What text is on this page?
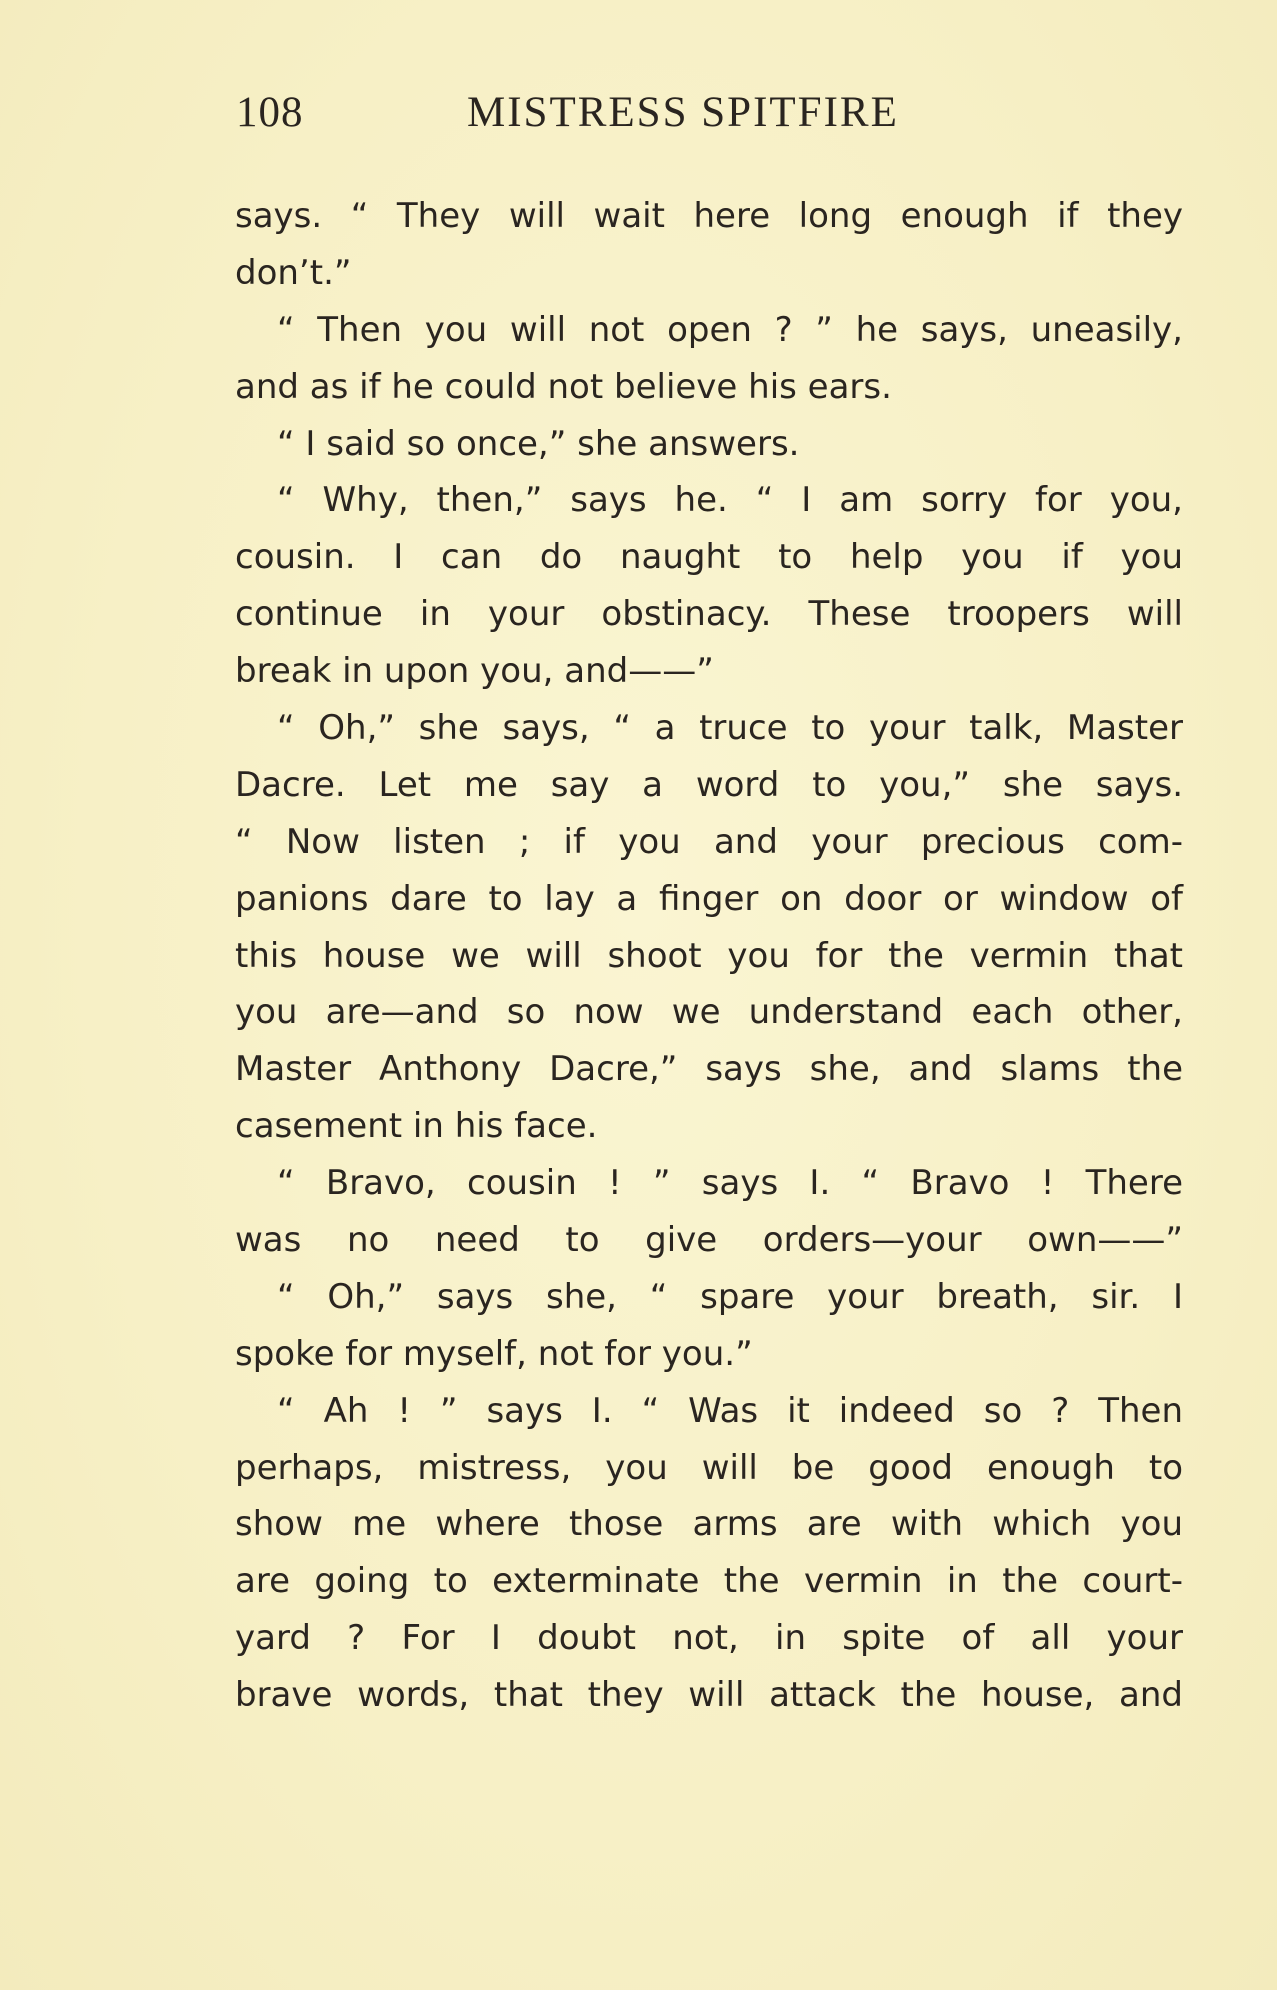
108	MISTRESS SPITFIRE
says. “ They will wait here long enough if they
don’t.”
“ Then you will not open ? ” he says, uneasily,
and as if he could not believe his ears.
“ I said so once,” she answers.
“ Why, then,” says he. “ I am sorry for you,
cousin. I can do naught to help you if you
continue in your obstinacy. These troopers will
break in upon you, and——”
“ Oh,” she says, “ a truce to your talk, Master
Dacre. Let me say a word to you,” she says.
“ Now listen ; if you and your precious com-
panions dare to lay a finger on door or window of
this house we will shoot you for the vermin that
you are—and so now we understand each other,
Master Anthony Dacre,” says she, and slams the
casement in his face.
“ Bravo, cousin ! ” says I. “ Bravo ! There
was no need to give orders—your own——”
“ Oh,” says she, “ spare your breath, sir. I
spoke for myself, not for you.”
“ Ah ! ” says I. “ Was it indeed so ? Then
perhaps, mistress, you will be good enough to
show me where those arms are with which you
are going to exterminate the vermin in the court-
yard ? For I doubt not, in spite of all your
brave words, that they will attack the house, and
